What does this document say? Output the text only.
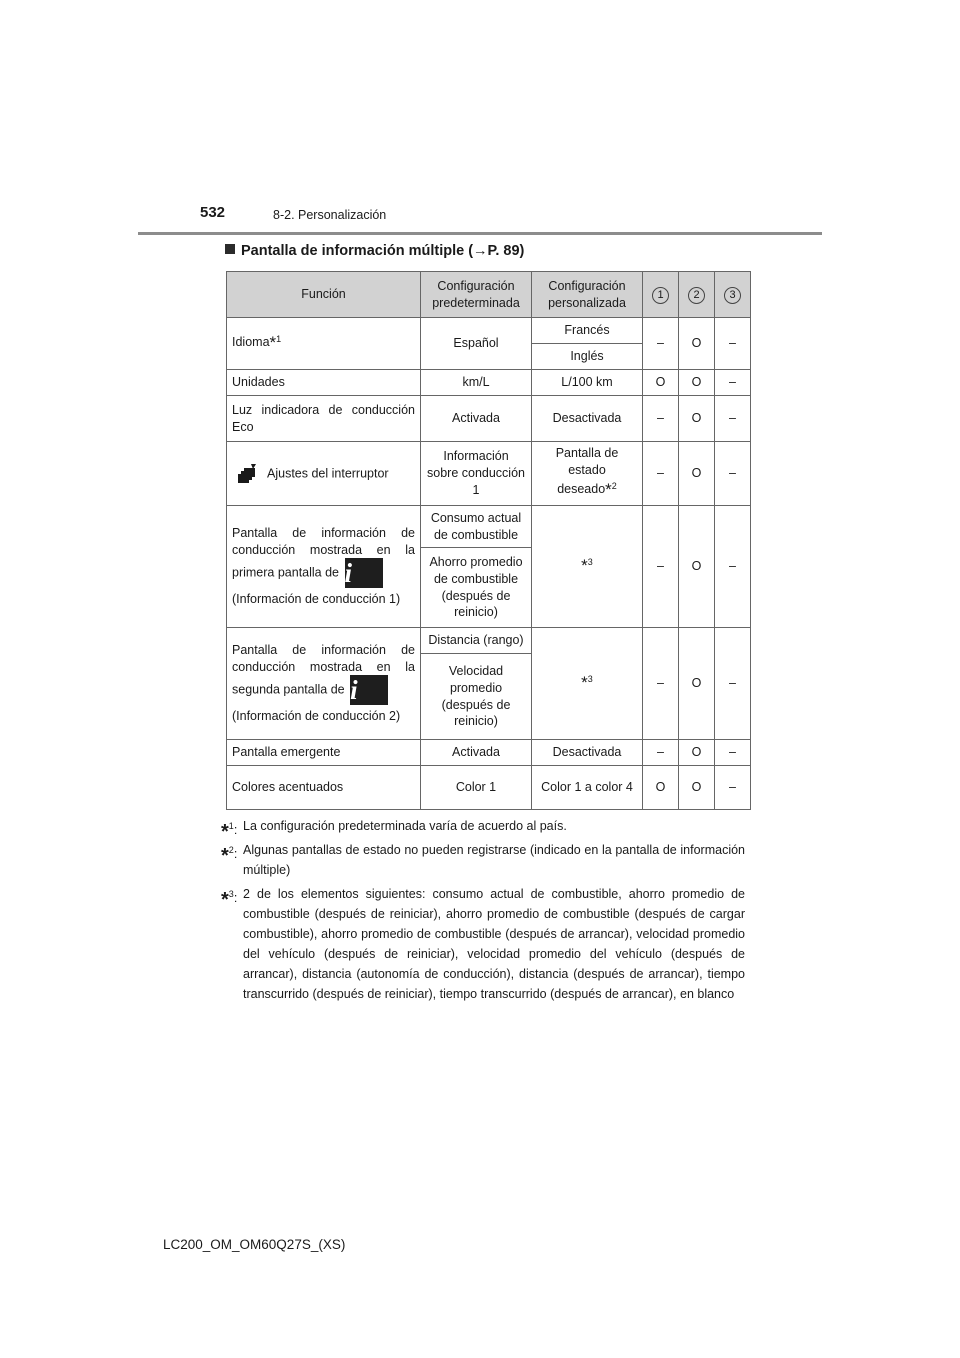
532	8-2. Personalización
Pantalla de información múltiple (→P. 89)
Función	Configuración predeterminada	Configuración personalizada	1	2	3
Idioma*$^1$	Español	Francés	–	O	–
		Inglés			
Unidades	km/L	L/100 km	O	O	–
Luz indicadora de conducción Eco	Activada	Desactivada	–	O	–
Ajustes del interruptor	Información sobre conducción 1	Pantalla de estado deseado*$^2$	–	O	–
Pantalla de información de conducción mostrada en la primera pantalla de i
(Información de conducción 1)	Consumo actual de combustible	*$^3$	–	O	–
	Ahorro promedio de combustible (después de reinicio)				
Pantalla de información de conducción mostrada en la segunda pantalla de i
(Información de conducción 2)	Distancia (rango)	*$^3$	–	O	–
	Velocidad promedio (después de reinicio)				
Pantalla emergente	Activada	Desactivada	–	O	–
Colores acentuados	Color 1	Color 1 a color 4	O	O	–
*$^1$: La configuración predeterminada varía de acuerdo al país.
*$^2$: Algunas pantallas de estado no pueden registrarse (indicado en la pantalla de información múltiple)
*$^3$: 2 de los elementos siguientes: consumo actual de combustible, ahorro promedio de combustible (después de reiniciar), ahorro promedio de combustible (después de cargar combustible), ahorro promedio de combustible (después de arrancar), velocidad promedio del vehículo (después de reiniciar), velocidad promedio del vehículo (después de arrancar), distancia (autonomía de conducción), distancia (después de arrancar), tiempo transcurrido (después de reiniciar), tiempo transcurrido (después de arrancar), en blanco
LC200_OM_OM60Q27S_(XS)
